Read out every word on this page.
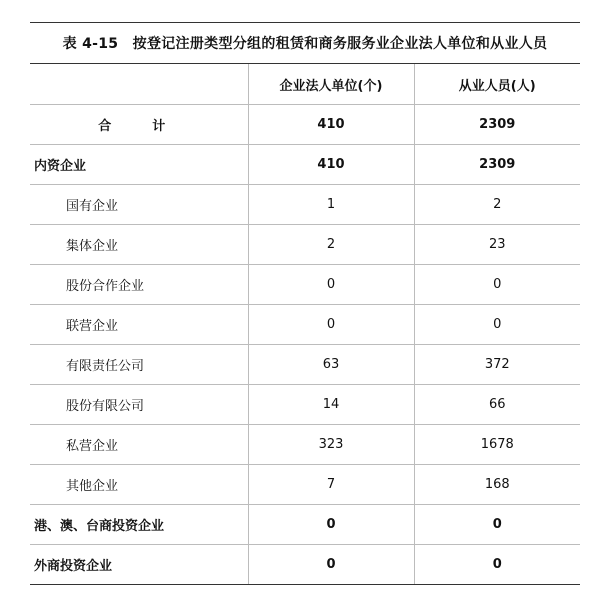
表 4-15　按登记注册类型分组的租赁和商务服务业企业法人单位和从业人员
	企业法人单位(个)	从业人员(人)
合　计	410	2309
内资企业	410	2309
国有企业	1	2
集体企业	2	23
股份合作企业	0	0
联营企业	0	0
有限责任公司	63	372
股份有限公司	14	66
私营企业	323	1678
其他企业	7	168
港、澳、台商投资企业	0	0
外商投资企业	0	0
